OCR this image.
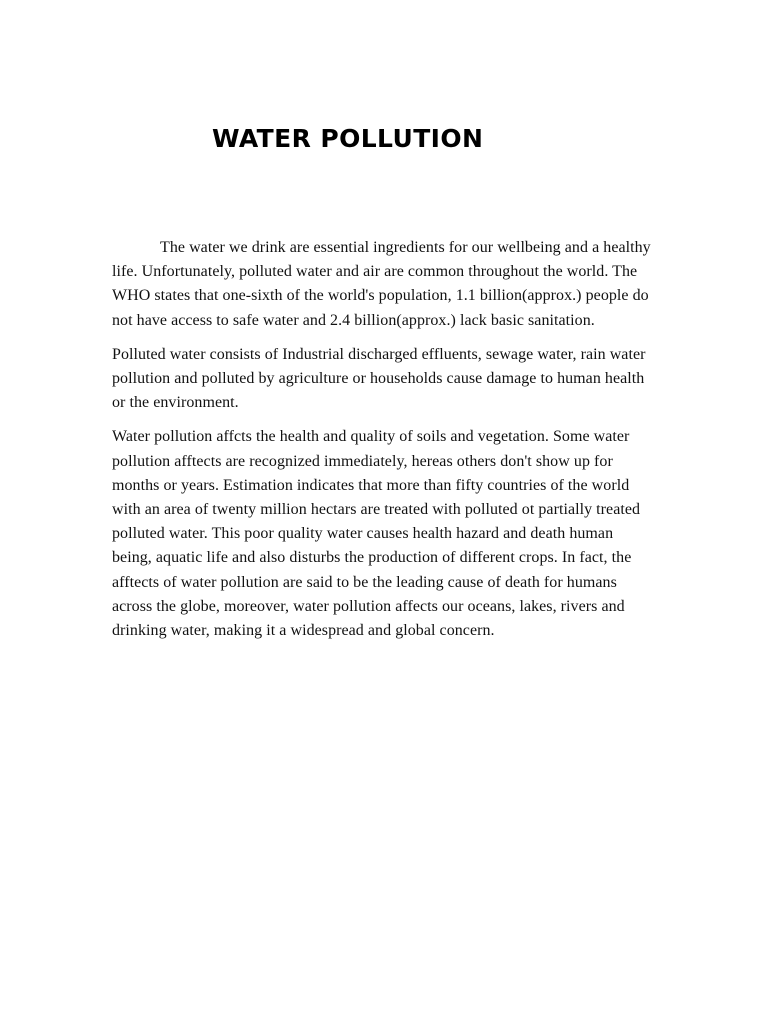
WATER POLLUTION

The water we drink are essential ingredients for our wellbeing and a healthy life. Unfortunately, polluted water and air are common throughout the world. The WHO states that one-sixth of the world's population, 1.1 billion(approx.) people do not have access to safe water and 2.4 billion(approx.) lack basic sanitation.

Polluted water consists of Industrial discharged effluents, sewage water, rain water pollution and polluted by agriculture or households cause damage to human health or the environment.

Water pollution affcts the health and quality of soils and vegetation. Some water pollution afftects are recognized immediately, hereas others don't show up for months or years. Estimation indicates that more than fifty countries of the world with an area of twenty million hectars are treated with polluted ot partially treated polluted water. This poor quality water causes health hazard and death human being, aquatic life and also disturbs the production of different crops. In fact, the afftects of water pollution are said to be the leading cause of death for humans across the globe, moreover, water pollution affects our oceans, lakes, rivers and drinking water, making it a widespread and global concern.
